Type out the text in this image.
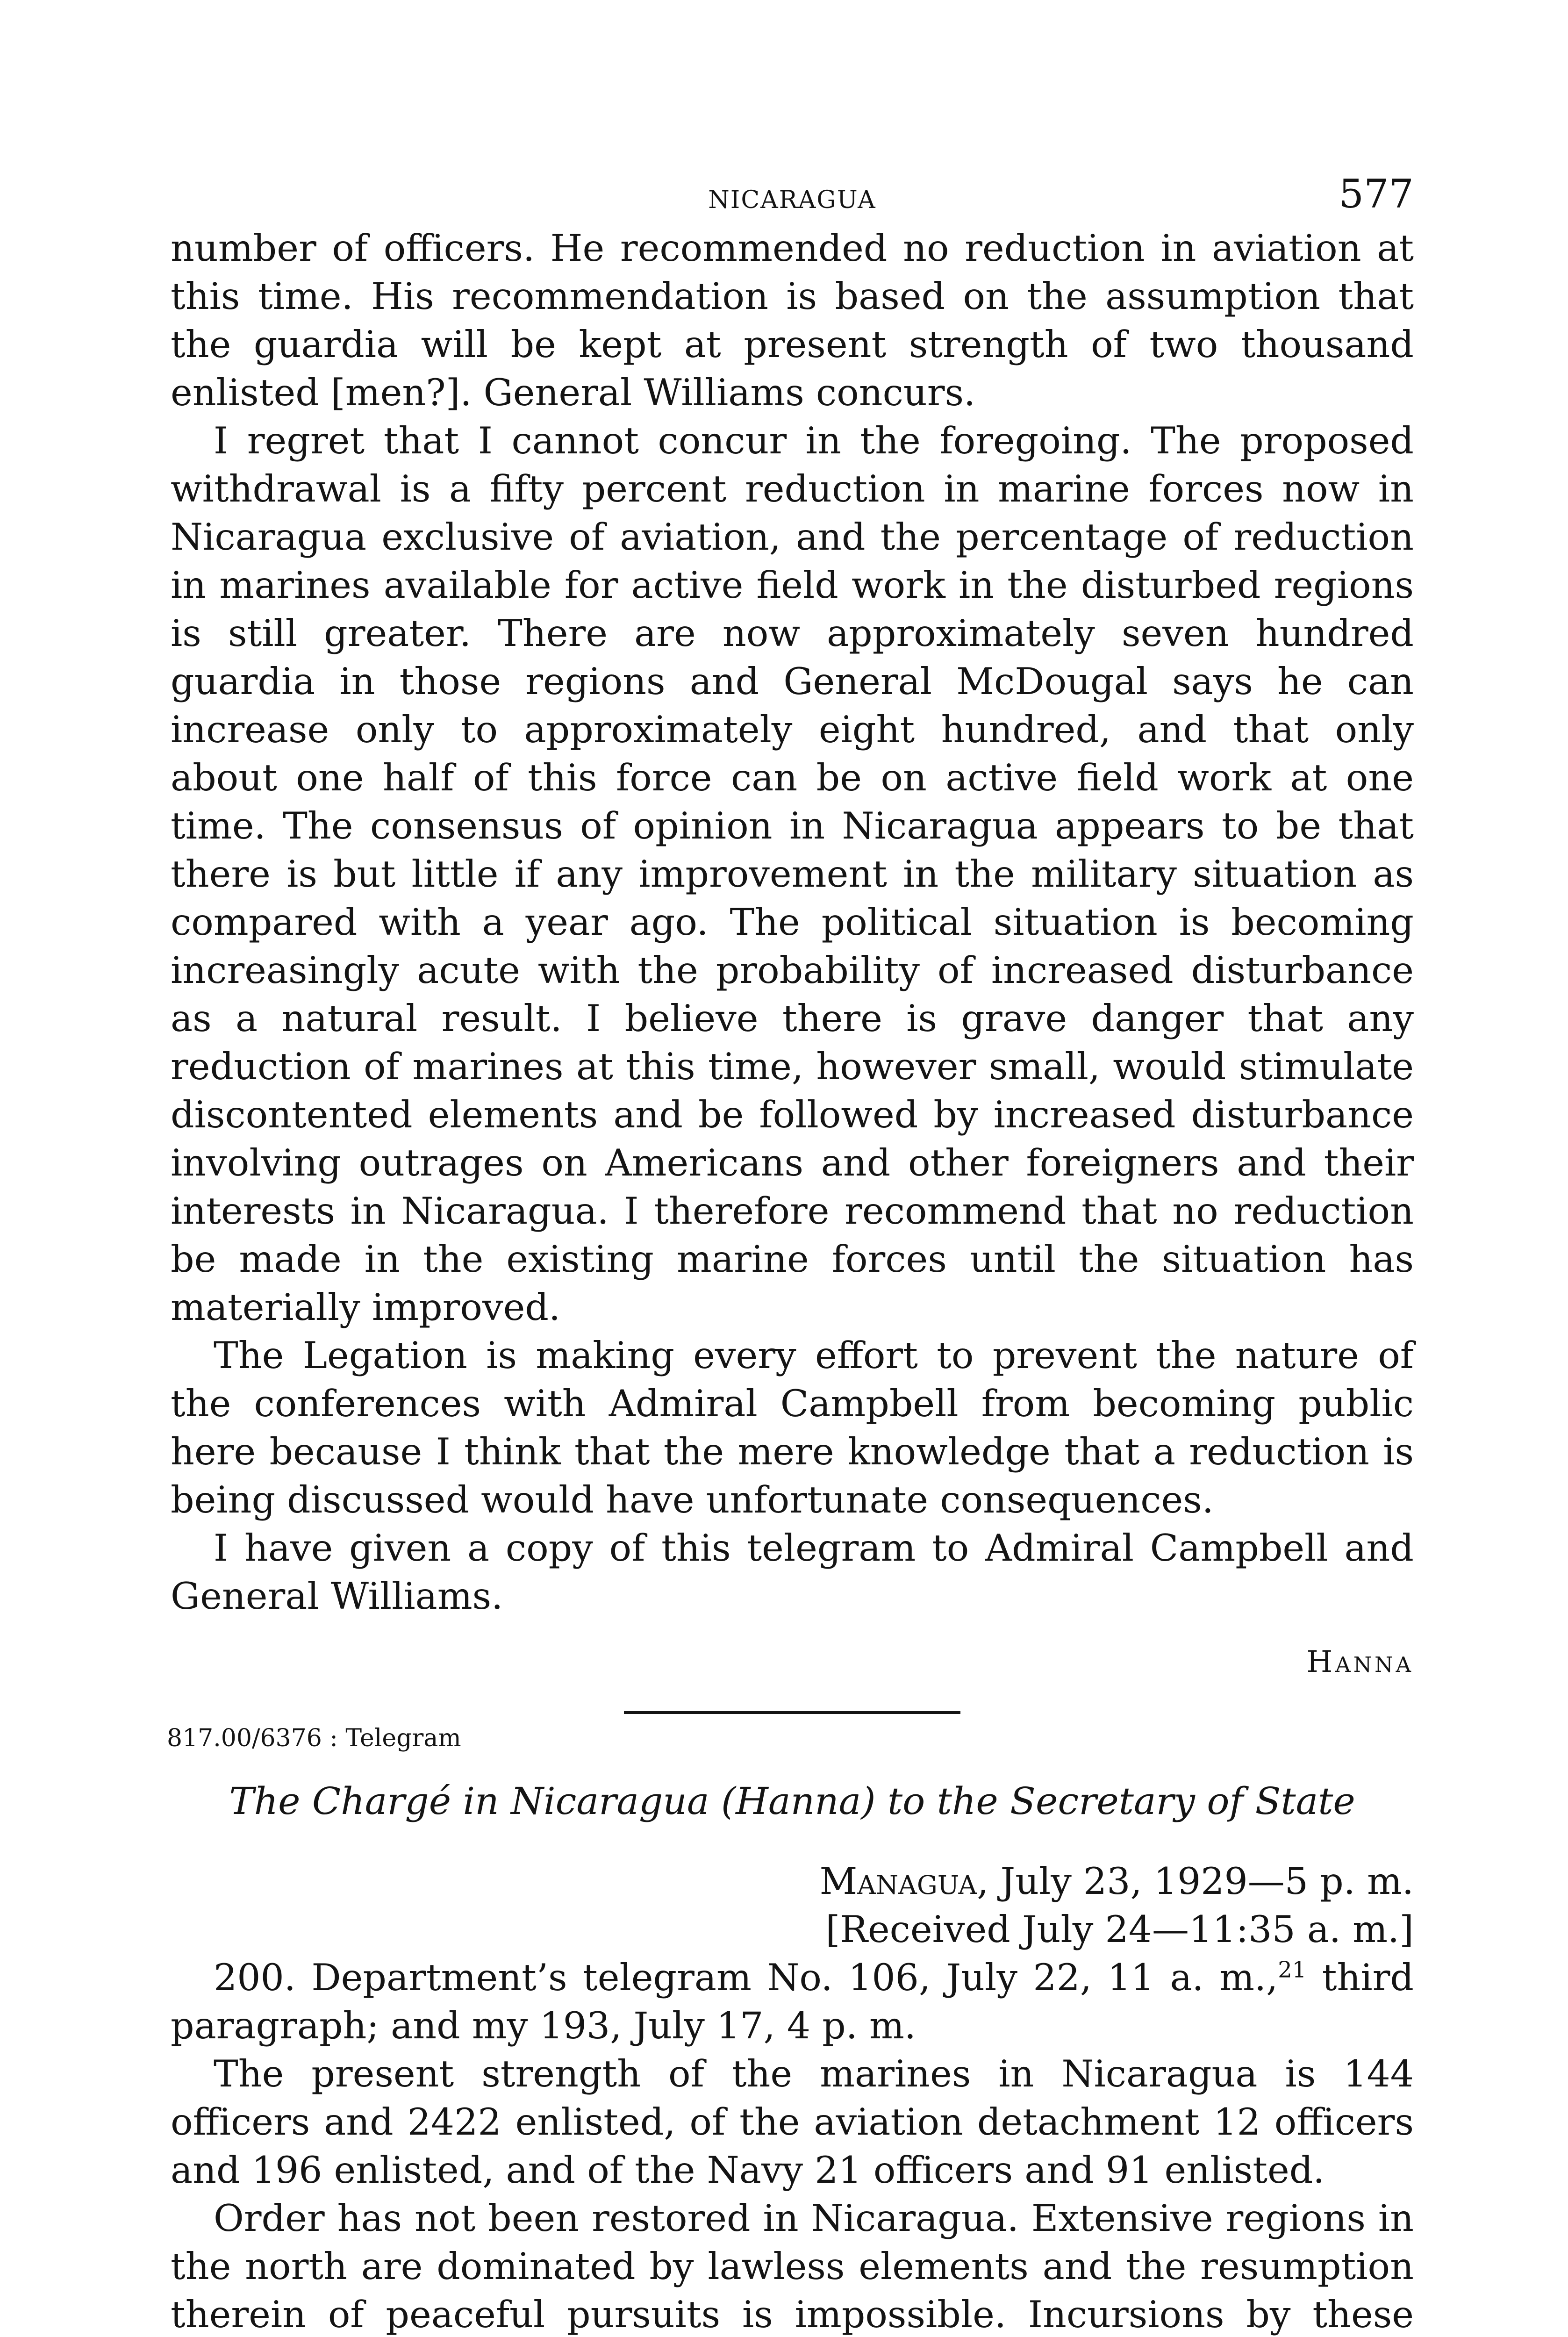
NICARAGUA	577

number of officers. He recommended no reduction in aviation at this time. His recommendation is based on the assumption that the guardia will be kept at present strength of two thousand enlisted [men?]. General Williams concurs.

I regret that I cannot concur in the foregoing. The proposed withdrawal is a fifty percent reduction in marine forces now in Nicaragua exclusive of aviation, and the percentage of reduction in marines available for active field work in the disturbed regions is still greater. There are now approximately seven hundred guardia in those regions and General McDougal says he can increase only to approximately eight hundred, and that only about one half of this force can be on active field work at one time. The consensus of opinion in Nicaragua appears to be that there is but little if any improvement in the military situation as compared with a year ago. The political situation is becoming increasingly acute with the probability of increased disturbance as a natural result. I believe there is grave danger that any reduction of marines at this time, however small, would stimulate discontented elements and be followed by increased disturbance involving outrages on Americans and other foreigners and their interests in Nicaragua. I therefore recommend that no reduction be made in the existing marine forces until the situation has materially improved.

The Legation is making every effort to prevent the nature of the conferences with Admiral Campbell from becoming public here because I think that the mere knowledge that a reduction is being discussed would have unfortunate consequences.

I have given a copy of this telegram to Admiral Campbell and General Williams.

Hanna
817.00/6376 : Telegram
The Chargé in Nicaragua (Hanna) to the Secretary of State
Managua, July 23, 1929—5 p. m.
[Received July 24—11:35 a. m.]

200. Department’s telegram No. 106, July 22, 11 a. m.,$^{21}$ third paragraph; and my 193, July 17, 4 p. m.

The present strength of the marines in Nicaragua is 144 officers and 2422 enlisted, of the aviation detachment 12 officers and 196 enlisted, and of the Navy 21 officers and 91 enlisted.

Order has not been restored in Nicaragua. Extensive regions in the north are dominated by lawless elements and the resumption therein of peaceful pursuits is impossible. Incursions by these
